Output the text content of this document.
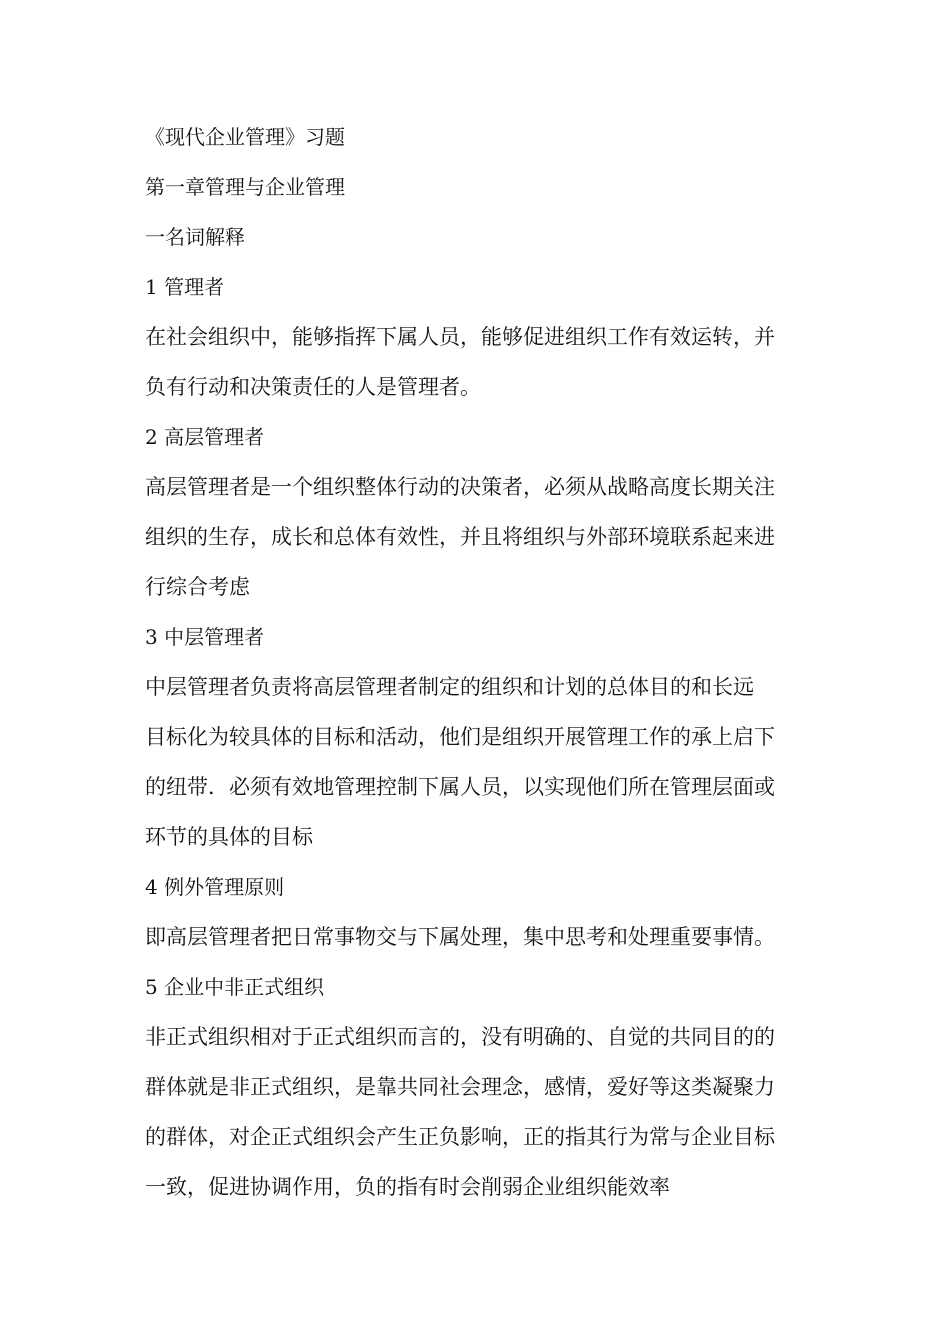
《现代企业管理》习题
第一章管理与企业管理
一名词解释
1 管理者
在社会组织中，能够指挥下属人员，能够促进组织工作有效运转，并
负有行动和决策责任的人是管理者。
2 高层管理者
高层管理者是一个组织整体行动的决策者，必须从战略高度长期关注
组织的生存，成长和总体有效性，并且将组织与外部环境联系起来进
行综合考虑
3 中层管理者
中层管理者负责将高层管理者制定的组织和计划的总体目的和长远
目标化为较具体的目标和活动，他们是组织开展管理工作的承上启下
的纽带．必须有效地管理控制下属人员，以实现他们所在管理层面或
环节的具体的目标
4 例外管理原则
即高层管理者把日常事物交与下属处理，集中思考和处理重要事情。
5 企业中非正式组织
非正式组织相对于正式组织而言的，没有明确的、自觉的共同目的的
群体就是非正式组织，是靠共同社会理念，感情，爱好等这类凝聚力
的群体，对企正式组织会产生正负影响，正的指其行为常与企业目标
一致，促进协调作用，负的指有时会削弱企业组织能效率
